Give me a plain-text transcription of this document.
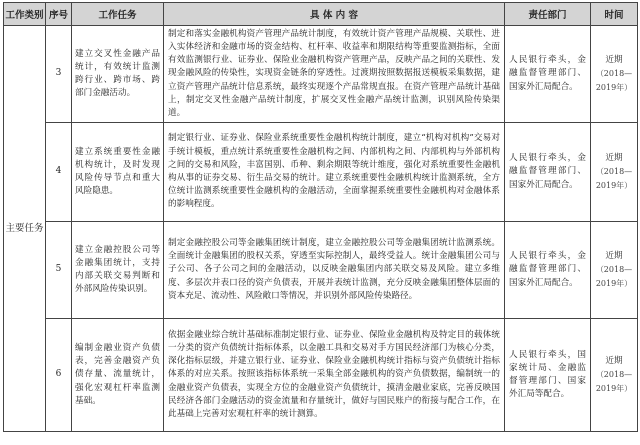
工作类别	序号	工作任务	具 体 内 容	责任部门	时间
主要任务	3	建立交叉性金融产品统计，有效统计监测跨行业、跨市场、跨部门金融活动。	制定和落实金融机构资产管理产品统计制度，有效统计资产管理产品规模、关联性、进入实体经济和金融市场的资金结构、杠杆率、收益率和期限结构等重要监测指标，全面有效监测银行业、证券业、保险业金融机构资产管理产品，反映产品之间的关联性、发现金融风险的传染性，实现资金链条的穿透性。过渡期按照数据报送模板采集数据，建立资产管理产品统计信息系统，最终实现逐个产品常规直报。在资产管理产品统计基础上，制定交叉性金融产品统计制度，扩展交叉性金融产品统计监测，识别风险传染渠道。	人民银行牵头，金融监督管理部门、国家外汇局配合。	近期
（2018—2019年）

	4	建立系统重要性金融机构统计，及时发现风险传导节点和重大风险隐患。	制定银行业、证券业、保险业系统重要性金融机构统计制度，建立“机构对机构”交易对手统计模板，重点统计系统重要性金融机构之间、内部机构之间、内部机构与外部机构之间的交易和风险，丰富国别、币种、剩余期限等统计维度，强化对系统重要性金融机构从事的证券交易、衍生品交易的统计。建立系统重要性金融机构统计监测系统，全方位统计监测系统重要性金融机构的金融活动，全面掌握系统重要性金融机构对金融体系的影响程度。	人民银行牵头，金融监督管理部门、国家外汇局配合。	近期
（2018—2019年）

	5	建立金融控股公司等金融集团统计，支持内部关联交易判断和外部风险传染识别。	制定金融控股公司等金融集团统计制度，建立金融控股公司等金融集团统计监测系统。全面统计金融集团的股权关系，穿透至实际控制人，最终受益人。统计金融集团公司与子公司、各子公司之间的金融活动，以反映金融集团内部关联交易及风险。建立多维度、多层次并表口径的资产负债表，开展并表统计监测，充分反映金融集团整体层面的资本充足、流动性、风险敞口等情况，并识别外部风险传染路径。	人民银行牵头，金融监督管理部门、国家外汇局配合。	近期
（2018—2019年）

	6	编制金融业资产负债表，完善金融资产负债存量、流量统计，强化宏观杠杆率监测基础。	依据金融业综合统计基础标准制定银行业、证券业、保险业金融机构及特定目的载体统一分类的资产负债统计指标体系，以金融工具和交易对手方国民经济部门为核心分类，深化指标层级，并建立银行业、证券业、保险业金融机构统计指标与资产负债统计指标体系的对应关系。按照该指标体系统一采集全部金融机构的资产负债数据，编制统一的金融业资产负债表，实现全方位的金融业资产负债统计，摸清金融业家底，完善反映国民经济各部门金融活动的资金流量和存量统计，做好与国民账户的衔接与配合工作，在此基础上完善对宏观杠杆率的统计测算。	人民银行牵头，国家统计局、金融监督管理部门、国家外汇局等配合。	近期
（2018—2019年）
